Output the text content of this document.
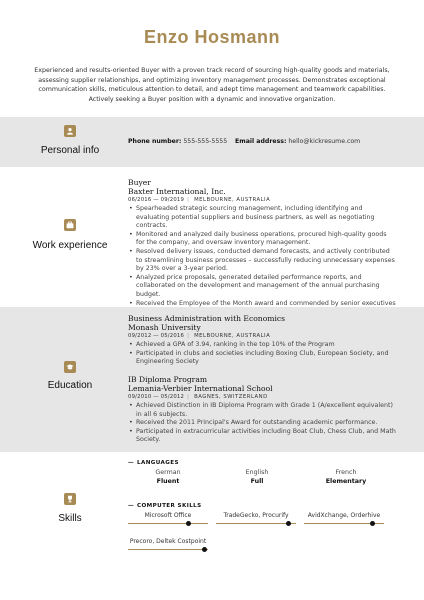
Enzo Hosmann
Experienced and results-oriented Buyer with a proven track record of sourcing high-quality goods and materials, assessing supplier relationships, and optimizing inventory management processes. Demonstrates exceptional communication skills, meticulous attention to detail, and adept time management and teamwork capabilities. Actively seeking a Buyer position with a dynamic and innovative organization.
Personal info
Phone number: 555-555-5555 Email address: hello@kickresume.com
Work experience
Buyer
Baxter International, Inc.
06/2016 — 09/2019 | MELBOURNE, AUSTRALIA
• Spearheaded strategic sourcing management, including identifying and evaluating potential suppliers and business partners, as well as negotiating contracts.
• Monitored and analyzed daily business operations, procured high-quality goods for the company, and oversaw inventory management.
• Resolved delivery issues, conducted demand forecasts, and actively contributed to streamlining business processes – successfully reducing unnecessary expenses by 23% over a 3-year period.
• Analyzed price proposals, generated detailed performance reports, and collaborated on the development and management of the annual purchasing budget.
• Received the Employee of the Month award and commended by senior executives
Education
Business Administration with Economics
Monash University
09/2012 — 05/2016 | MELBOURNE, AUSTRALIA
• Achieved a GPA of 3.94, ranking in the top 10% of the Program
• Participated in clubs and societies including Boxing Club, European Society, and Engineering Society
IB Diploma Program
Lemania-Verbier International School
09/2010 — 05/2012 | BAGNES, SWITZERLAND
• Achieved Distinction in IB Diploma Program with Grade 1 (A/excellent equivalent) in all 6 subjects.
• Received the 2011 Principal's Award for outstanding academic performance.
• Participated in extracurricular activities including Boat Club, Chess Club, and Math Society.
Skills
— LANGUAGES
German
Fluent
English
Full
French
Elementary
— COMPUTER SKILLS
Microsoft Office	TradeGecko, Procurify	AvidXchange, Orderhive
Precoro, Deltek Costpoint
